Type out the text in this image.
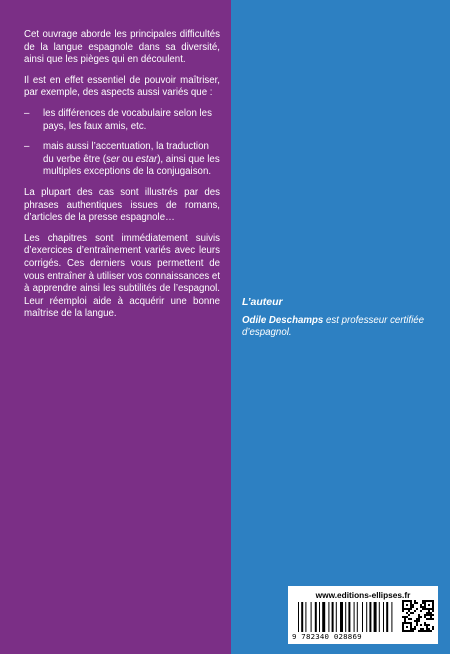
Cet ouvrage aborde les principales difficultés de la langue espagnole dans sa diversité, ainsi que les pièges qui en découlent.

Il est en effet essentiel de pouvoir maîtriser, par exemple, des aspects aussi variés que :

– les différences de vocabulaire selon les pays, les faux amis, etc.
– mais aussi l’accentuation, la traduction du verbe être (ser ou estar), ainsi que les multiples exceptions de la conjugaison.

La plupart des cas sont illustrés par des phrases authentiques issues de romans, d’articles de la presse espagnole…

Les chapitres sont immédiatement suivis d’exercices d’entraînement variés avec leurs corrigés. Ces derniers vous permettent de vous entraîner à utiliser vos connaissances et à apprendre ainsi les subtilités de l’espagnol. Leur réemploi aide à acquérir une bonne maîtrise de la langue.

L’auteur
Odile Deschamps est professeur certifiée d’espagnol.
www.editions-ellipses.fr
9 782340 028869
